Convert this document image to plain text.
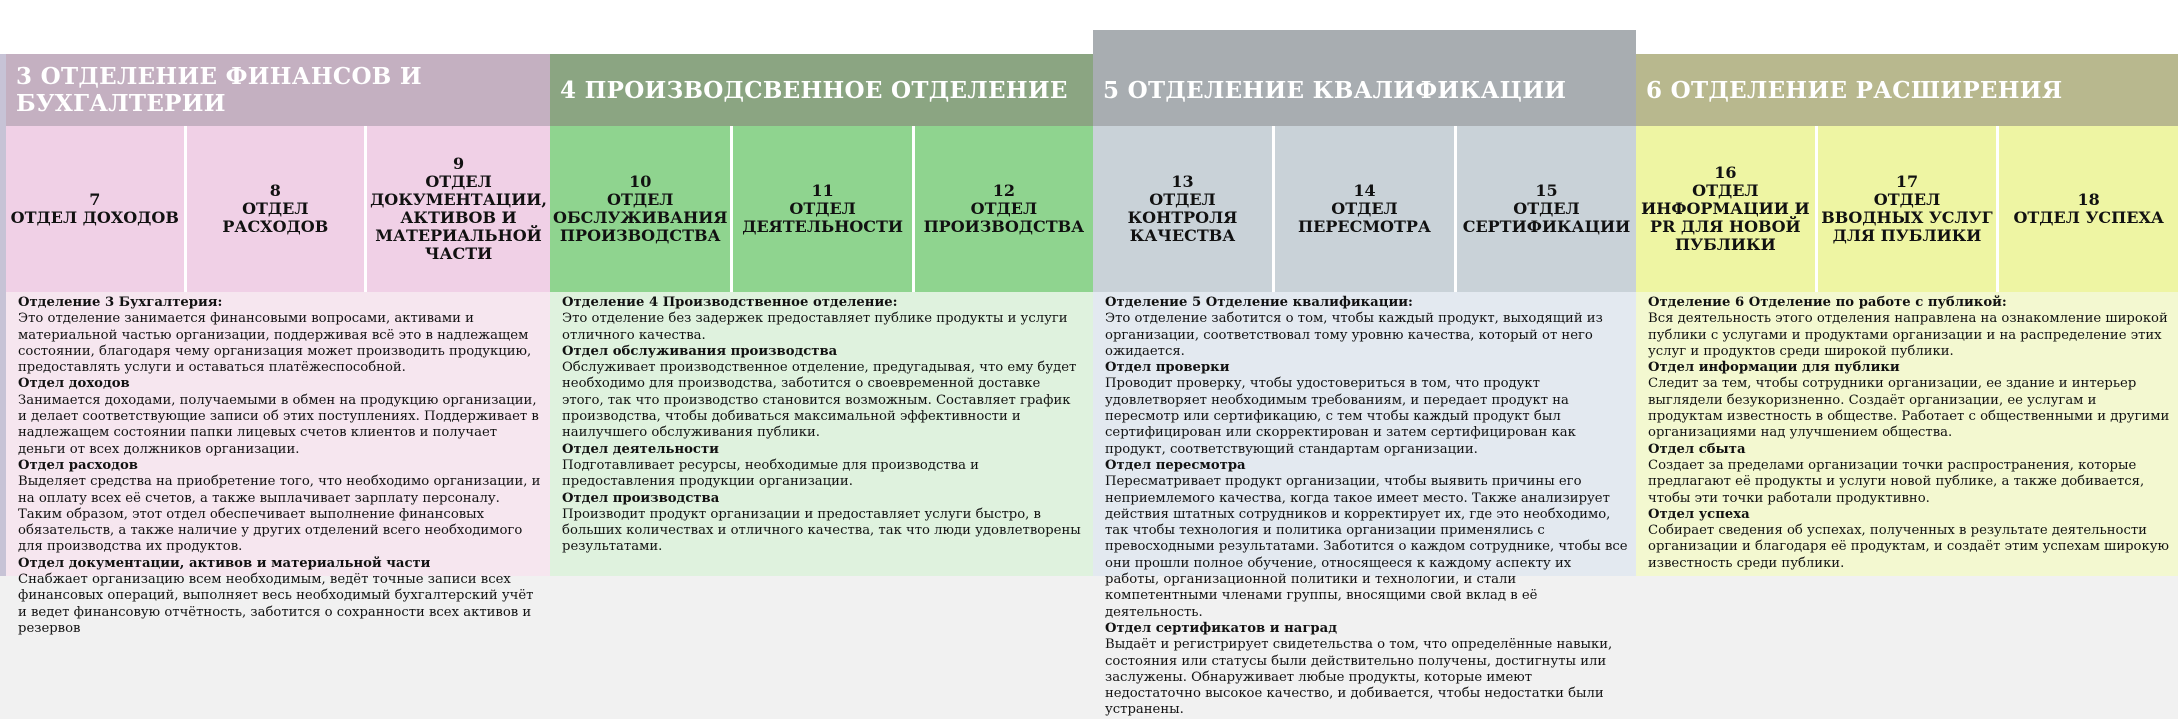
3 ОТДЕЛЕНИЕ ФИНАНСОВ И БУХГАЛТЕРИИ
7
ОТДЕЛ ДОХОДОВ
8
ОТДЕЛ РАСХОДОВ
9
ОТДЕЛ ДОКУМЕНТАЦИИ, АКТИВОВ И МАТЕРИАЛЬНОЙ ЧАСТИ

Отделение 3 Бухгалтерия:

Это отделение занимается финансовыми вопросами, активами и материальной частью организации, поддерживая всё это в надлежащем состоянии, благодаря чему организация может производить продукцию, предоставлять услуги и оставаться платёжеспособной.

Отдел доходов

Занимается доходами, получаемыми в обмен на продукцию организации, и делает соответствующие записи об этих поступлениях. Поддерживает в надлежащем состоянии папки лицевых счетов клиентов и получает деньги от всех должников организации.

Отдел расходов

Выделяет средства на приобретение того, что необходимо организации, и на оплату всех её счетов, а также выплачивает зарплату персоналу. Таким образом, этот отдел обеспечивает выполнение финансовых обязательств, а также наличие у других отделений всего необходимого для производства их продуктов.

Отдел документации, активов и материальной части

Снабжает организацию всем необходимым, ведёт точные записи всех финансовых операций, выполняет весь необходимый бухгалтерский учёт и ведет финансовую отчётность, заботится о сохранности всех активов и резервов

4 ПРОИЗВОДСВЕННОЕ ОТДЕЛЕНИЕ
10
ОТДЕЛ ОБСЛУЖИВАНИЯ ПРОИЗВОДСТВА
11
ОТДЕЛ ДЕЯТЕЛЬНОСТИ
12
ОТДЕЛ ПРОИЗВОДСТВА

Отделение 4 Производственное отделение:

Это отделение без задержек предоставляет публике продукты и услуги отличного качества.

Отдел обслуживания производства

Обслуживает производственное отделение, предугадывая, что ему будет необходимо для производства, заботится о своевременной доставке этого, так что производство становится возможным. Составляет график производства, чтобы добиваться максимальной эффективности и наилучшего обслуживания публики.

Отдел деятельности

Подготавливает ресурсы, необходимые для производства и предоставления продукции организации.

Отдел производства

Производит продукт организации и предоставляет услуги быстро, в больших количествах и отличного качества, так что люди удовлетворены результатами.

5 ОТДЕЛЕНИЕ КВАЛИФИКАЦИИ
13
ОТДЕЛ КОНТРОЛЯ КАЧЕСТВА
14
ОТДЕЛ ПЕРЕСМОТРА
15
ОТДЕЛ СЕРТИФИКАЦИИ

Отделение 5 Отделение квалификации:

Это отделение заботится о том, чтобы каждый продукт, выходящий из организации, соответствовал тому уровню качества, который от него ожидается.

Отдел проверки

Проводит проверку, чтобы удостовериться в том, что продукт удовлетворяет необходимым требованиям, и передает продукт на пересмотр или сертификацию, с тем чтобы каждый продукт был сертифицирован или скорректирован и затем сертифицирован как продукт, соответствующий стандартам организации.

Отдел пересмотра

Пересматривает продукт организации, чтобы выявить причины его неприемлемого качества, когда такое имеет место. Также анализирует действия штатных сотрудников и корректирует их, где это необходимо, так чтобы технология и политика организации применялись с превосходными результатами. Заботится о каждом сотруднике, чтобы все они прошли полное обучение, относящееся к каждому аспекту их работы, организационной политики и технологии, и стали компетентными членами группы, вносящими свой вклад в её деятельность.

Отдел сертификатов и наград

Выдаёт и регистрирует свидетельства о том, что определённые навыки, состояния или статусы были действительно получены, достигнуты или заслужены. Обнаруживает любые продукты, которые имеют недостаточно высокое качество, и добивается, чтобы недостатки были устранены.

6 ОТДЕЛЕНИЕ РАСШИРЕНИЯ
16
ОТДЕЛ ИНФОРМАЦИИ И PR ДЛЯ НОВОЙ ПУБЛИКИ
17
ОТДЕЛ ВВОДНЫХ УСЛУГ ДЛЯ ПУБЛИКИ
18
ОТДЕЛ УСПЕХА

Отделение 6 Отделение по работе с публикой:

Вся деятельность этого отделения направлена на ознакомление широкой публики с услугами и продуктами организации и на распределение этих услуг и продуктов среди широкой публики.

Отдел информации для публики

Следит за тем, чтобы сотрудники организации, ее здание и интерьер выглядели безукоризненно. Создаёт организации, ее услугам и продуктам известность в обществе. Работает с общественными и другими организациями над улучшением общества.

Отдел сбыта

Создает за пределами организации точки распространения, которые предлагают её продукты и услуги новой публике, а также добивается, чтобы эти точки работали продуктивно.

Отдел успеха

Собирает сведения об успехах, полученных в результате деятельности организации и благодаря её продуктам, и создаёт этим успехам широкую известность среди публики.
